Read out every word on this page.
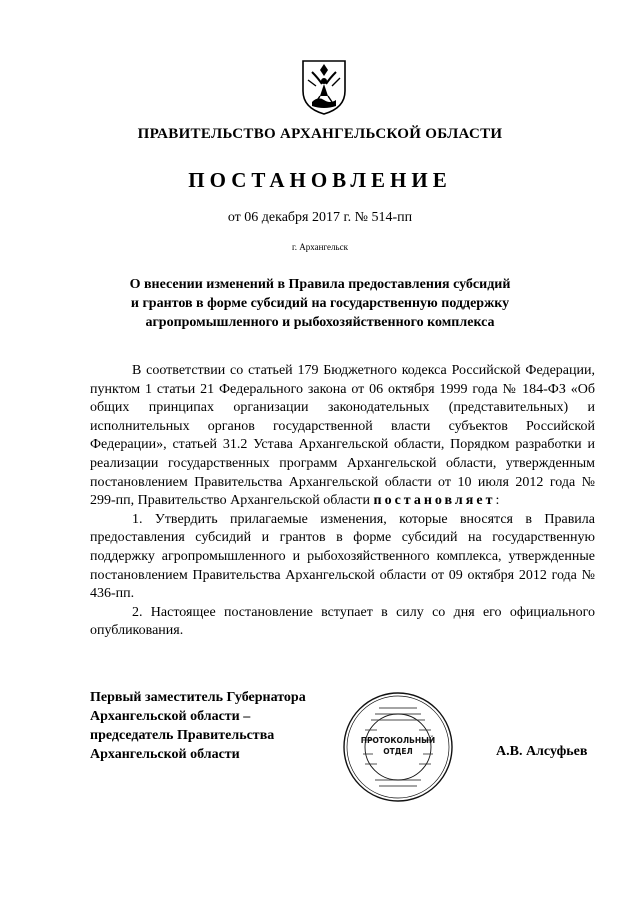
ПРАВИТЕЛЬСТВО АРХАНГЕЛЬСКОЙ ОБЛАСТИ
ПОСТАНОВЛЕНИЕ
от 06 декабря 2017 г. № 514-пп
г. Архангельск
О внесении изменений в Правила предоставления субсидий
и грантов в форме субсидий на государственную поддержку
агропромышленного и рыбохозяйственного комплекса

В соответствии со статьей 179 Бюджетного кодекса Российской Федерации, пунктом 1 статьи 21 Федерального закона от 06 октября 1999 года № 184-ФЗ «Об общих принципах организации законодательных (представительных) и исполнительных органов государственной власти субъектов Российской Федерации», статьей 31.2 Устава Архангельской области, Порядком разработки и реализации государственных программ Архангельской области, утвержденным постановлением Правительства Архангельской области от 10 июля 2012 года № 299-пп, Правительство Архангельской области постановляет:

1. Утвердить прилагаемые изменения, которые вносятся в Правила предоставления субсидий и грантов в форме субсидий на государственную поддержку агропромышленного и рыбохозяйственного комплекса, утвержденные постановлением Правительства Архангельской области от 09 октября 2012 года № 436-пп.

2. Настоящее постановление вступает в силу со дня его официального опубликования.

Первый заместитель Губернатора
Архангельской области –
председатель Правительства
Архангельской области
ПРОТОКОЛЬНЫЙ
ОТДЕЛ	А.В. Алсуфьев
